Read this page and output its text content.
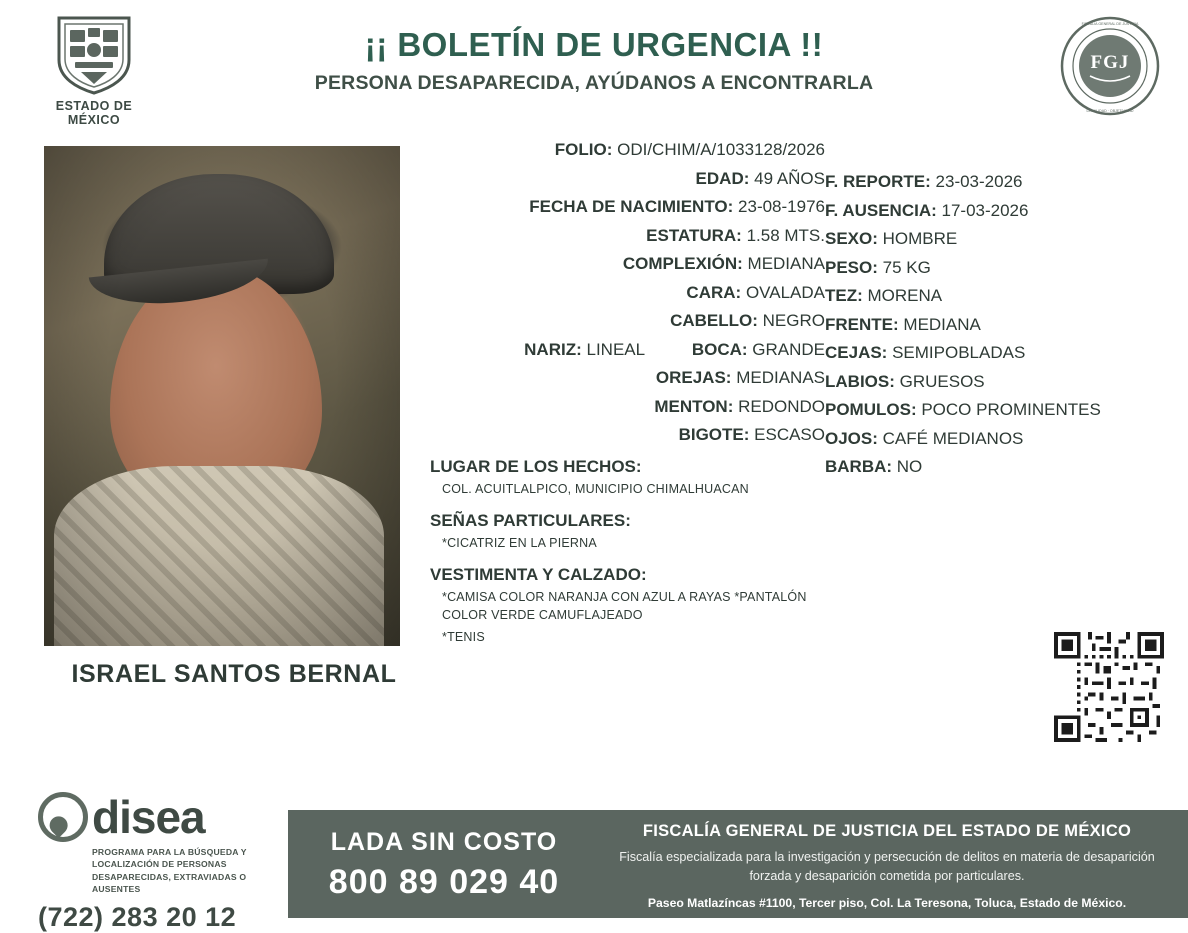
ESTADO DE MÉXICO
¡¡ BOLETÍN DE URGENCIA !!
PERSONA DESAPARECIDA, AYÚDANOS A ENCONTRARLA
FGJ
FISCALIA GENERAL DE JUSTICIA
LEGALIDAD · OBJETIVIDAD
ISRAEL SANTOS BERNAL
FOLIO: ODI/CHIM/A/1033128/2026
EDAD: 49 AÑOS
FECHA DE NACIMIENTO: 23-08-1976
ESTATURA: 1.58 MTS.
COMPLEXIÓN: MEDIANA
CARA: OVALADA
CABELLO: NEGRO
NARIZ: LINEAL	BOCA: GRANDE
OREJAS: MEDIANAS
MENTON: REDONDO
BIGOTE: ESCASO
LUGAR DE LOS HECHOS:
COL. ACUITLALPICO, MUNICIPIO CHIMALHUACAN
SEÑAS PARTICULARES:
*CICATRIZ EN LA PIERNA
VESTIMENTA Y CALZADO:
*CAMISA COLOR NARANJA CON AZUL A RAYAS *PANTALÓN COLOR VERDE CAMUFLAJEADO
*TENIS
F. REPORTE: 23-03-2026
F. AUSENCIA: 17-03-2026
SEXO: HOMBRE
PESO: 75 KG
TEZ: MORENA
FRENTE: MEDIANA
CEJAS: SEMIPOBLADAS
LABIOS: GRUESOS
POMULOS: POCO PROMINENTES
OJOS: CAFÉ MEDIANOS
BARBA: NO
disea
PROGRAMA PARA LA BÚSQUEDA Y LOCALIZACIÓN DE PERSONAS DESAPARECIDAS, EXTRAVIADAS O AUSENTES
(722) 283 20 12
LADA SIN COSTO
800 89 029 40
FISCALÍA GENERAL DE JUSTICIA DEL ESTADO DE MÉXICO
Fiscalía especializada para la investigación y persecución de delitos en materia de desaparición forzada y desaparición cometida por particulares.
Paseo Matlazíncas #1100, Tercer piso, Col. La Teresona, Toluca, Estado de México.
